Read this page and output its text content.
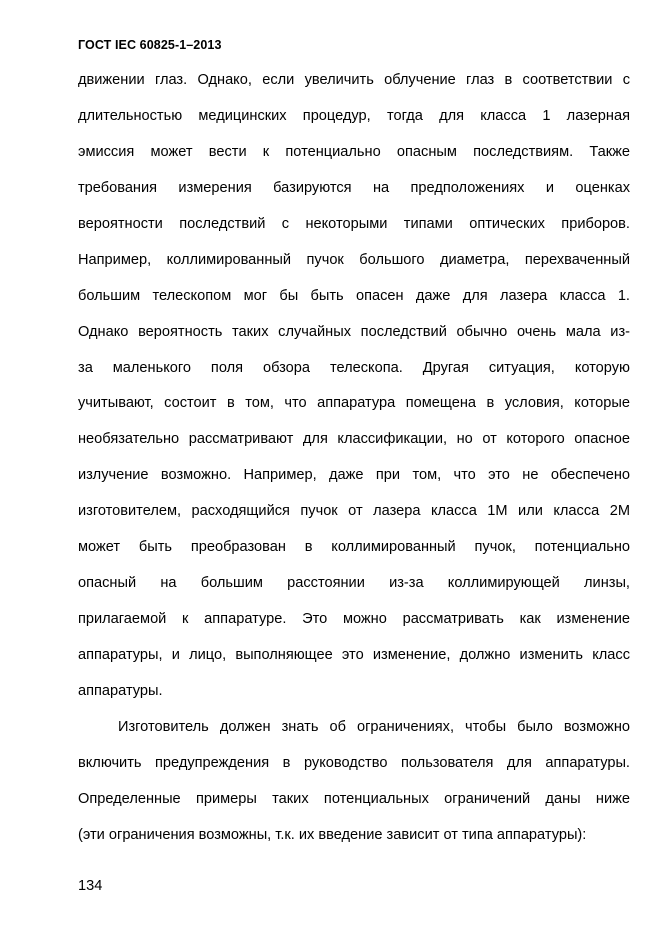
ГОСТ IEC 60825-1–2013
движении глаз. Однако, если увеличить облучение глаз в соответствии с
длительностью медицинских процедур, тогда для класса 1 лазерная
эмиссия может вести к потенциально опасным последствиям. Также
требования измерения базируются на предположениях и оценках
вероятности последствий с некоторыми типами оптических приборов.
Например, коллимированный пучок большого диаметра, перехваченный
большим телескопом мог бы быть опасен даже для лазера класса 1.
Однако вероятность таких случайных последствий обычно очень мала из-
за маленького поля обзора телескопа. Другая ситуация, которую
учитывают, состоит в том, что аппаратура помещена в условия, которые
необязательно рассматривают для классификации, но от которого опасное
излучение возможно. Например, даже при том, что это не обеспечено
изготовителем, расходящийся пучок от лазера класса 1М или класса 2М
может быть преобразован в коллимированный пучок, потенциально
опасный на большим расстоянии из-за коллимирующей линзы,
прилагаемой к аппаратуре. Это можно рассматривать как изменение
аппаратуры, и лицо, выполняющее это изменение, должно изменить класс
аппаратуры.
Изготовитель должен знать об ограничениях, чтобы было возможно
включить предупреждения в руководство пользователя для аппаратуры.
Определенные примеры таких потенциальных ограничений даны ниже
(эти ограничения возможны, т.к. их введение зависит от типа аппаратуры):
134
